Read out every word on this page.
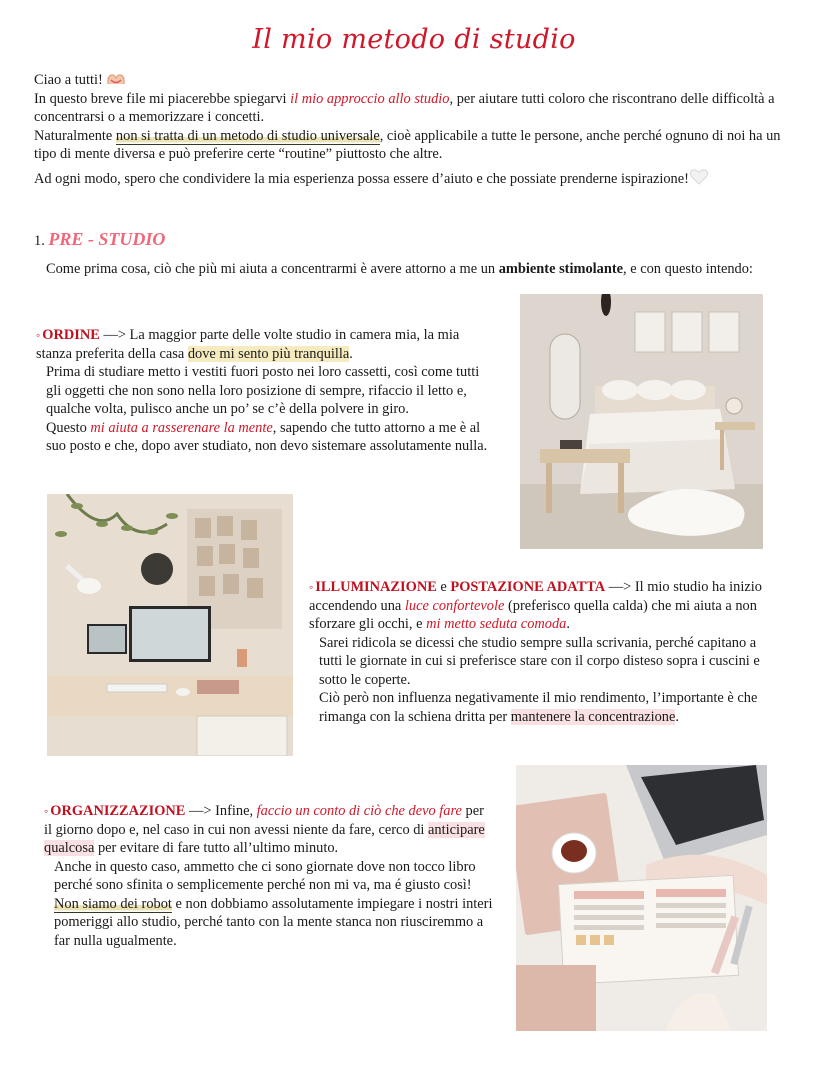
Il mio metodo di studio

Ciao a tutti!

In questo breve file mi piacerebbe spiegarvi il mio approccio allo studio, per aiutare tutti coloro che riscontrano delle difficoltà a concentrarsi o a memorizzare i concetti.

Naturalmente non si tratta di un metodo di studio universale, cioè applicabile a tutte le persone, anche perché ognuno di noi ha un tipo di mente diversa e può preferire certe “routine” piuttosto che altre.

Ad ogni modo, spero che condividere la mia esperienza possa essere d’aiuto e che possiate prenderne ispirazione!

1. PRE - STUDIO
Come prima cosa, ciò che più mi aiuta a concentrarmi è avere attorno a me un ambiente stimolante, e con questo intendo:

◦ ORDINE —> La maggior parte delle volte studio in camera mia, la mia stanza preferita della casa dove mi sento più tranquilla.

Prima di studiare metto i vestiti fuori posto nei loro cassetti, così come tutti gli oggetti che non sono nella loro posizione di sempre, rifaccio il letto e, qualche volta, pulisco anche un po’ se c’è della polvere in giro.

Questo mi aiuta a rasserenare la mente, sapendo che tutto attorno a me è al suo posto e che, dopo aver studiato, non devo sistemare assolutamente nulla.

◦ ILLUMINAZIONE e POSTAZIONE ADATTA —> Il mio studio ha inizio accendendo una luce confortevole (preferisco quella calda) che mi aiuta a non sforzare gli occhi, e mi metto seduta comoda.

Sarei ridicola se dicessi che studio sempre sulla scrivania, perché capitano a tutti le giornate in cui si preferisce stare con il corpo disteso sopra i cuscini e sotto le coperte.

Ciò però non influenza negativamente il mio rendimento, l’importante è che rimanga con la schiena dritta per mantenere la concentrazione.

◦ ORGANIZZAZIONE —> Infine, faccio un conto di ciò che devo fare per il giorno dopo e, nel caso in cui non avessi niente da fare, cerco di anticipare qualcosa per evitare di fare tutto all’ultimo minuto.

Anche in questo caso, ammetto che ci sono giornate dove non tocco libro perché sono sfinita o semplicemente perché non mi va, ma é giusto così!

Non siamo dei robot e non dobbiamo assolutamente impiegare i nostri interi pomeriggi allo studio, perché tanto con la mente stanca non riusciremmo a far nulla ugualmente.
